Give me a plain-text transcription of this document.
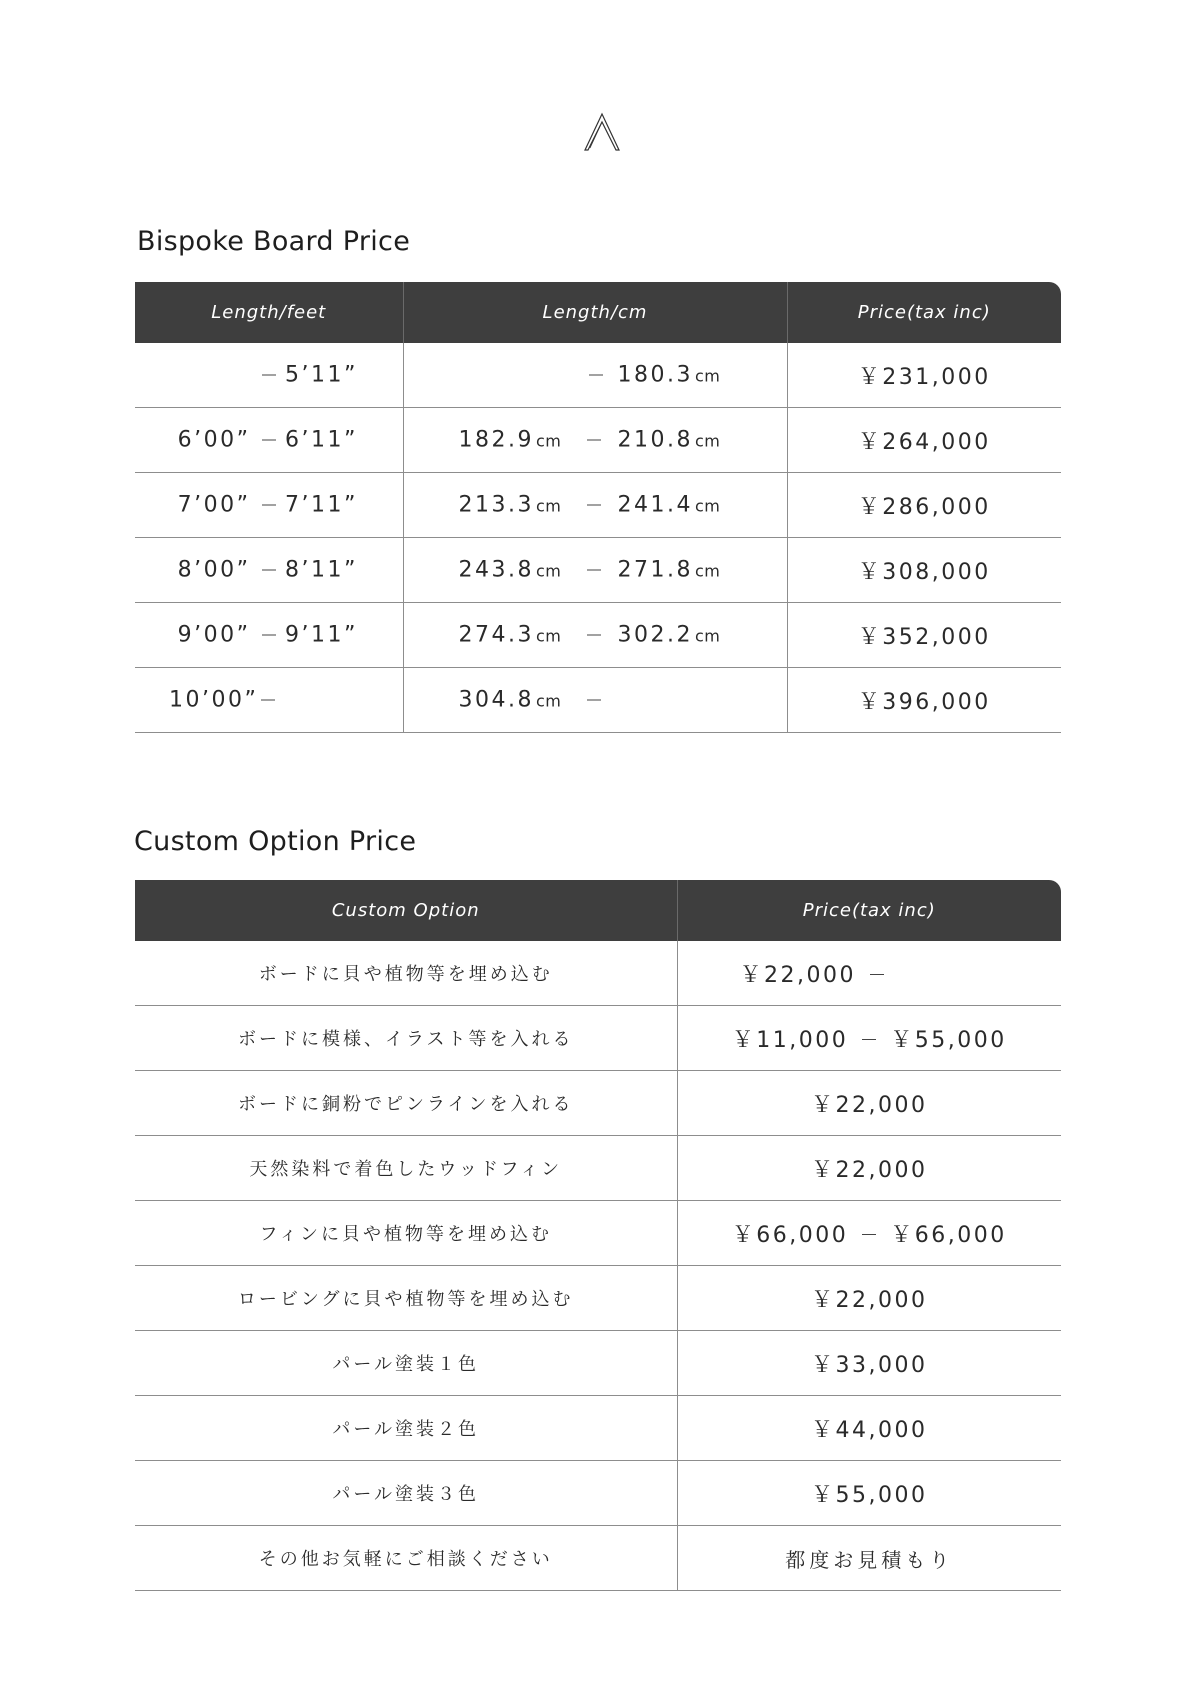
Bispoke Board Price
Length/feet	Length/cm	Price(tax inc)

5’11”	180.3 cm	￥231,000

6’00” 6’11”	182.9 cm 210.8 cm	￥264,000

7’00” 7’11”	213.3 cm 241.4 cm	￥286,000

8’00” 8’11”	243.8 cm 271.8 cm	￥308,000

9’00” 9’11”	274.3 cm 302.2 cm	￥352,000

10’00”	304.8 cm	￥396,000
Custom Option Price
Custom Option	Price(tax inc)
ボードに貝や植物等を埋め込む	￥22,000
ボードに模様、イラスト等を入れる	￥11,000 ￥55,000
ボードに銅粉でピンラインを入れる	￥22,000
天然染料で着色したウッドフィン	￥22,000
フィンに貝や植物等を埋め込む	￥66,000 ￥66,000
ロービングに貝や植物等を埋め込む	￥22,000
パール塗装１色	￥33,000
パール塗装２色	￥44,000
パール塗装３色	￥55,000
その他お気軽にご相談ください	都度お見積もり
